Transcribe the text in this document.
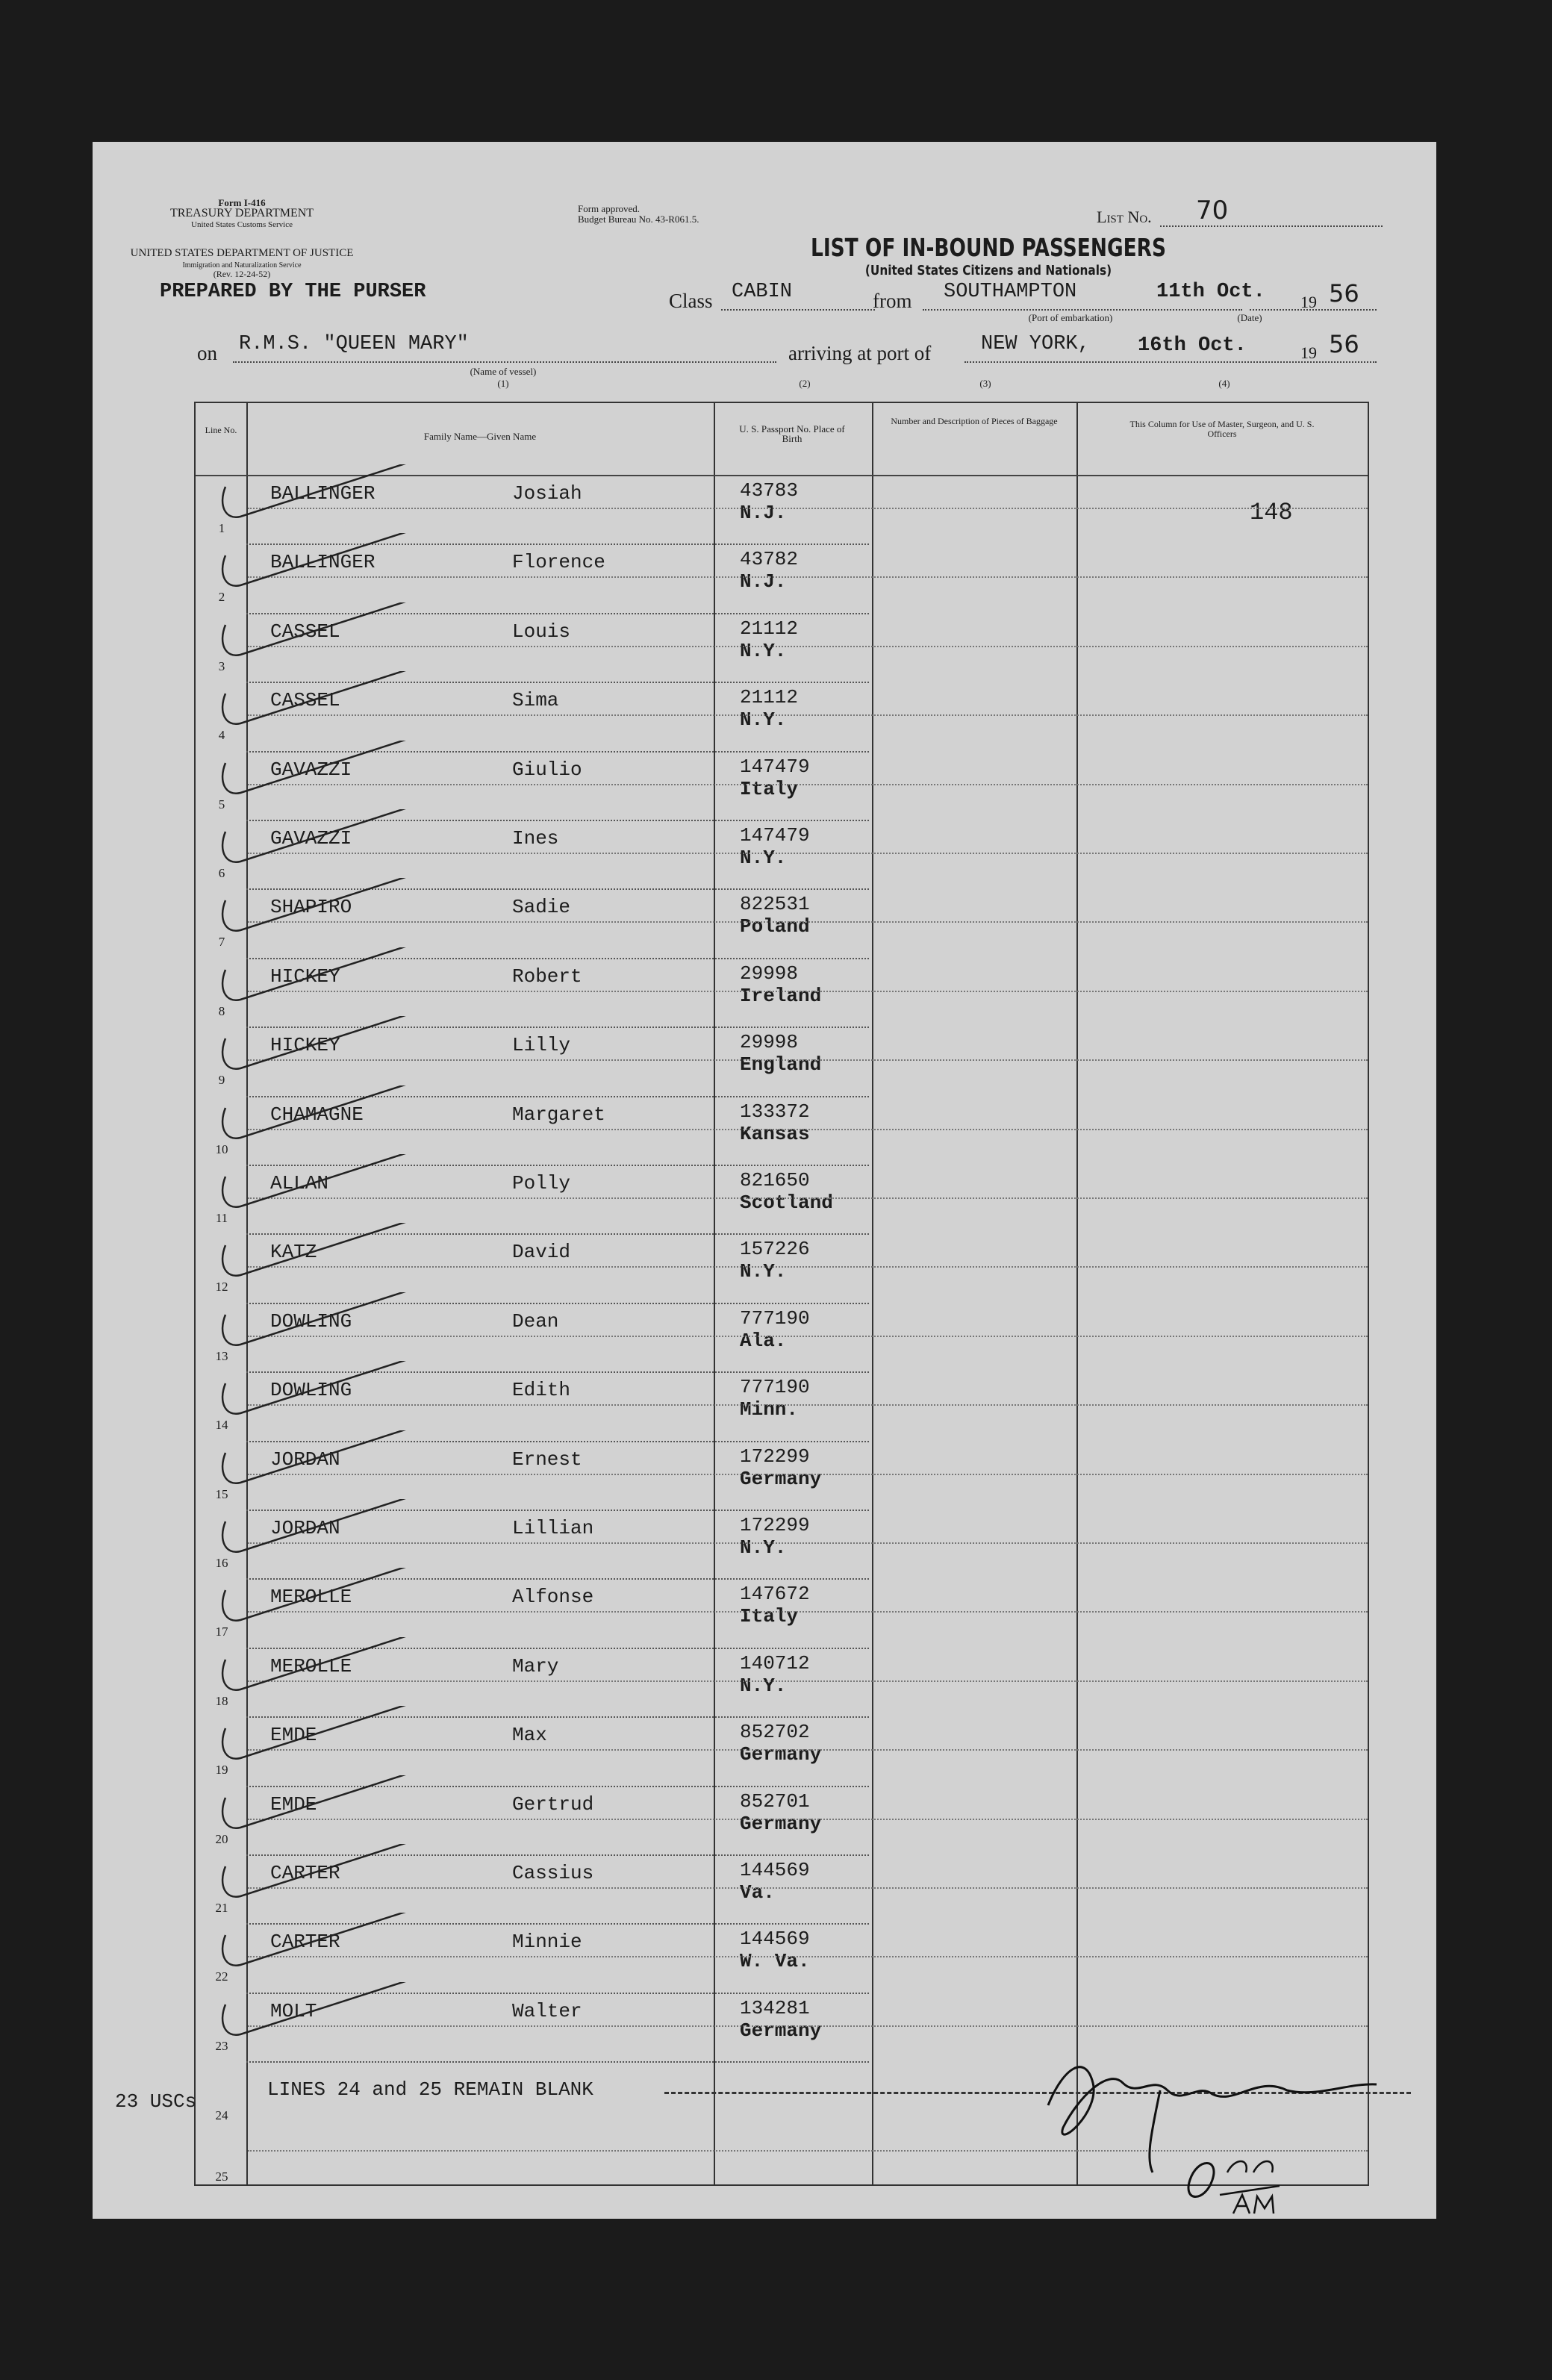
Form I-416
TREASURY DEPARTMENT
United States Customs Service
UNITED STATES DEPARTMENT OF JUSTICE
Immigration and Naturalization Service
(Rev. 12-24-52)
PREPARED BY THE PURSER
Form approved.
Budget Bureau No. 43-R061.5.	List No. 70
LIST OF IN-BOUND PASSENGERS
(United States Citizens and Nationals)
Class CABIN	from SOUTHAMPTON
(Port of embarkation)
11th Oct.
(Date)
19 56
on R.M.S. "QUEEN MARY"
(Name of vessel)
arriving at port of NEW YORK, 16th Oct.	19 56
(1)	(2)	(3)	(4)
Line No.
Family Name—Given Name
U. S. Passport No. Place of Birth
Number and Description of Pieces of Baggage	This Column for Use of Master, Surgeon, and U. S. Officers
148
1
BALLINGER	Josiah	43783
N.J.
2
BALLINGER	Florence	43782
N.J.
3
CASSEL	Louis	21112
N.Y.
4
CASSEL	Sima	21112
N.Y.
5
GAVAZZI	Giulio	147479
Italy
6
GAVAZZI	Ines	147479
N.Y.
7
SHAPIRO	Sadie	822531
Poland
8
HICKEY	Robert	29998
Ireland
9
HICKEY	Lilly	29998
England
10
CHAMAGNE	Margaret	133372
Kansas
11
ALLAN	Polly	821650
Scotland
12
KATZ	David	157226
N.Y.
13
DOWLING	Dean	777190
Ala.
14
DOWLING	Edith	777190
Minn.
15
JORDAN	Ernest	172299
Germany
16
JORDAN	Lillian	172299
N.Y.
17
MEROLLE	Alfonse	147672
Italy
18
MEROLLE	Mary	140712
N.Y.
19
EMDE	Max	852702
Germany
20
EMDE	Gertrud	852701
Germany
21
CARTER	Cassius	144569
Va.
22
CARTER	Minnie	144569
W. Va.
23
MOLT	Walter	134281
Germany
24
25
LINES 24 and 25 REMAIN BLANK
23 USCs
